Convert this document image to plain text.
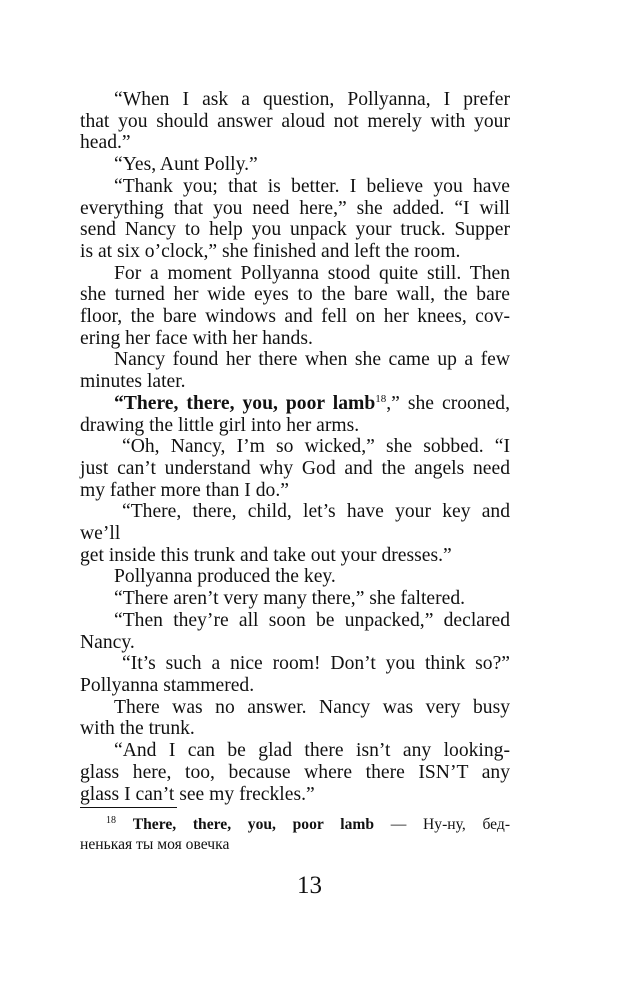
“When I ask a question, Pollyanna, I prefer
that you should answer aloud not merely with your
head.”

“Yes, Aunt Polly.”

“Thank you; that is better. I believe you have
everything that you need here,” she added. “I will
send Nancy to help you unpack your truck. Supper
is at six o’clock,” she finished and left the room.

For a moment Pollyanna stood quite still. Then
she turned her wide eyes to the bare wall, the bare
floor, the bare windows and fell on her knees, cov-
ering her face with her hands.

Nancy found her there when she came up a few
minutes later.

“There, there, you, poor lamb$^{18}$,” she crooned,
drawing the little girl into her arms.

“Oh, Nancy, I’m so wicked,” she sobbed. “I
just can’t understand why God and the angels need
my father more than I do.”

“There, there, child, let’s have your key and we’ll
get inside this trunk and take out your dresses.”

Pollyanna produced the key.

“There aren’t very many there,” she faltered.

“Then they’re all soon be unpacked,” declared
Nancy.

“It’s such a nice room! Don’t you think so?”
Pollyanna stammered.

There was no answer. Nancy was very busy
with the trunk.

“And I can be glad there isn’t any looking-
glass here, too, because where there ISN’T any
glass I can’t see my freckles.”

$^{18}$ There, there, you, poor lamb — Ну-ну, бед-
ненькая ты моя овечка
13
